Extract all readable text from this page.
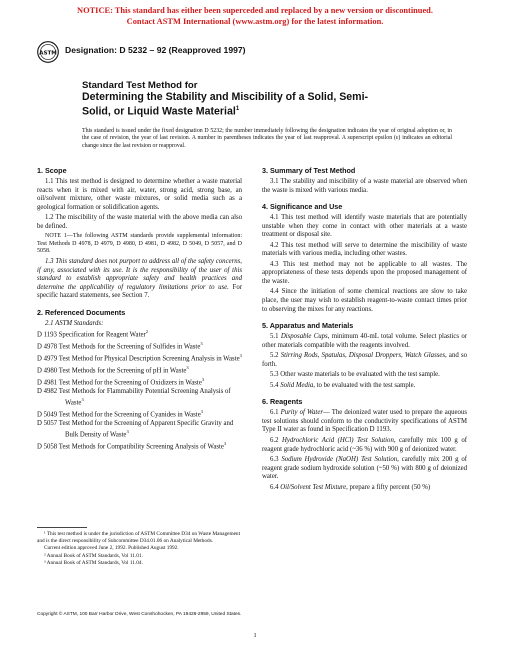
NOTICE: This standard has either been superceded and replaced by a new version or discontinued.
Contact ASTM International (www.astm.org) for the latest information.
ASTM Designation: D 5232 – 92 (Reapproved 1997)
Standard Test Method for
Determining the Stability and Miscibility of a Solid, Semi-
Solid, or Liquid Waste Material$^1$
This standard is issued under the fixed designation D 5232; the number immediately following the designation indicates the year of original adoption or, in the case of revision, the year of last revision. A number in parentheses indicates the year of last reapproval. A superscript epsilon (ε) indicates an editorial change since the last revision or reapproval.
1. Scope

1.1 This test method is designed to determine whether a waste material reacts when it is mixed with air, water, strong acid, strong base, an oil/solvent mixture, other waste mixtures, or solid media such as a geological formation or solidification agents.

1.2 The miscibility of the waste material with the above media can also be defined.

NOTE 1—The following ASTM standards provide supplemental information: Test Methods D 4978, D 4979, D 4980, D 4981, D 4982, D 5049, D 5057, and D 5058.

1.3 This standard does not purport to address all of the safety concerns, if any, associated with its use. It is the responsibility of the user of this standard to establish appropriate safety and health practices and determine the applicability of regulatory limitations prior to use. For specific hazard statements, see Section 7.

2. Referenced Documents
2.1 ASTM Standards:
D 1193 Specification for Reagent Water$^2$
D 4978 Test Methods for the Screening of Sulfides in Waste$^3$
D 4979 Test Method for Physical Description Screening Analysis in Waste$^3$
D 4980 Test Methods for the Screening of pH in Waste$^3$
D 4981 Test Method for the Screening of Oxidizers in Waste$^3$
D 4982 Test Methods for Flammability Potential Screening Analysis of Waste$^3$
D 5049 Test Method for the Screening of Cyanides in Waste$^3$
D 5057 Test Method for the Screening of Apparent Specific Gravity and Bulk Density of Waste$^3$
D 5058 Test Methods for Compatibility Screening Analysis of Waste$^3$
3. Summary of Test Method

3.1 The stability and miscibility of a waste material are observed when the waste is mixed with various media.

4. Significance and Use

4.1 This test method will identify waste materials that are potentially unstable when they come in contact with other materials at a waste treatment or disposal site.

4.2 This test method will serve to determine the miscibility of waste materials with various media, including other wastes.

4.3 This test method may not be applicable to all wastes. The appropriateness of these tests depends upon the proposed management of the waste.

4.4 Since the initiation of some chemical reactions are slow to take place, the user may wish to establish reagent-to-waste contact times prior to observing the mixes for any reactions.

5. Apparatus and Materials

5.1 Disposable Cups, minimum 40-mL total volume. Select plastics or other materials compatible with the reagents involved.

5.2 Stirring Rods, Spatulas, Disposal Droppers, Watch Glasses, and so forth.

5.3 Other waste materials to be evaluated with the test sample.

5.4 Solid Media, to be evaluated with the test sample.

6. Reagents

6.1 Purity of Water— The deionized water used to prepare the aqueous test solutions should conform to the conductivity specifications of ASTM Type II water as found in Specification D 1193.

6.2 Hydrochloric Acid (HCl) Test Solution, carefully mix 100 g of reagent grade hydrochloric acid (~36 %) with 900 g of deionized water.

6.3 Sodium Hydroxide (NaOH) Test Solution, carefully mix 200 g of reagent grade sodium hydroxide solution (~50 %) with 800 g of deionized water.

6.4 Oil/Solvent Test Mixture, prepare a fifty percent (50 %)

¹ This test method is under the jurisdiction of ASTM Committee D34 on Waste Management and is the direct responsibility of Subcommittee D34.01.06 on Analytical Methods.

Current edition approved June 2, 1992. Published August 1992.

² Annual Book of ASTM Standards, Vol 11.01.

³ Annual Book of ASTM Standards, Vol 11.04.

Copyright © ASTM, 100 Barr Harbor Drive, West Conshohocken, PA 19428-2959, United States.
1
